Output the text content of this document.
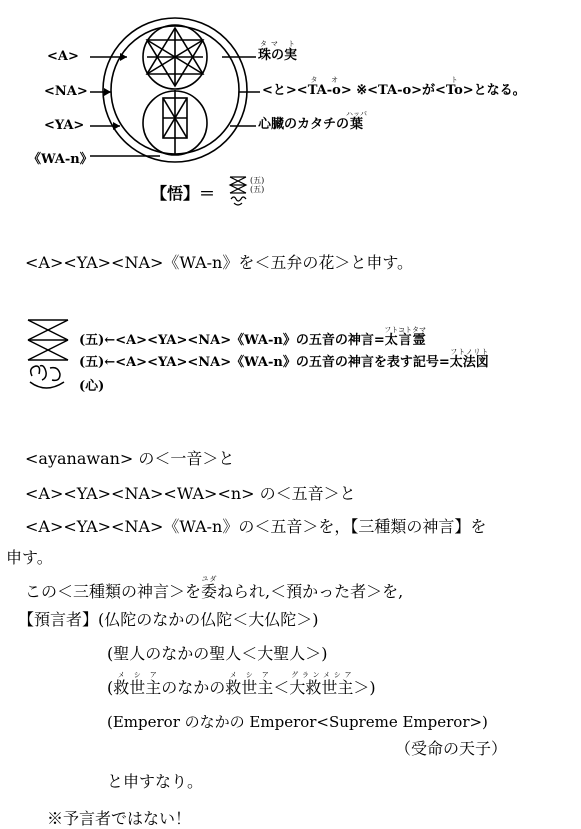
<A>
<NA>
<YA>
《WA-n》
珠の実タマ ト
<と><TA-oタ オ> ※<TA-o>が<Toト>となる。
心臓のカタチの葉ハッパ
【悟】＝
(五)
(五)
<A><YA><NA>《WA-n》を＜五弁の花＞と申す。
(五)←<A><YA><NA>《WA-n》の五音の神言=太言霊フトコトタマ
(五)←<A><YA><NA>《WA-n》の五音の神言を表す記号=太法図フトノリト
(心)
<ayanawan> の＜一音＞と
<A><YA><NA><WA><n> の＜五音＞と
<A><YA><NA>《WA-n》の＜五音＞を，【三種類の神言】を
申す。
この＜三種類の神言＞を委ユダねられ,＜預かった者＞を,
【預言者】(仏陀のなかの仏陀＜大仏陀＞)
(聖人のなかの聖人＜大聖人＞)
(救世主メシアのなかの救世主メシア＜大救世主グランメシア＞)
(Emperor のなかの Emperor<Supreme Emperor>)
（受命の天子）
と申すなり。
※予言者ではない！
